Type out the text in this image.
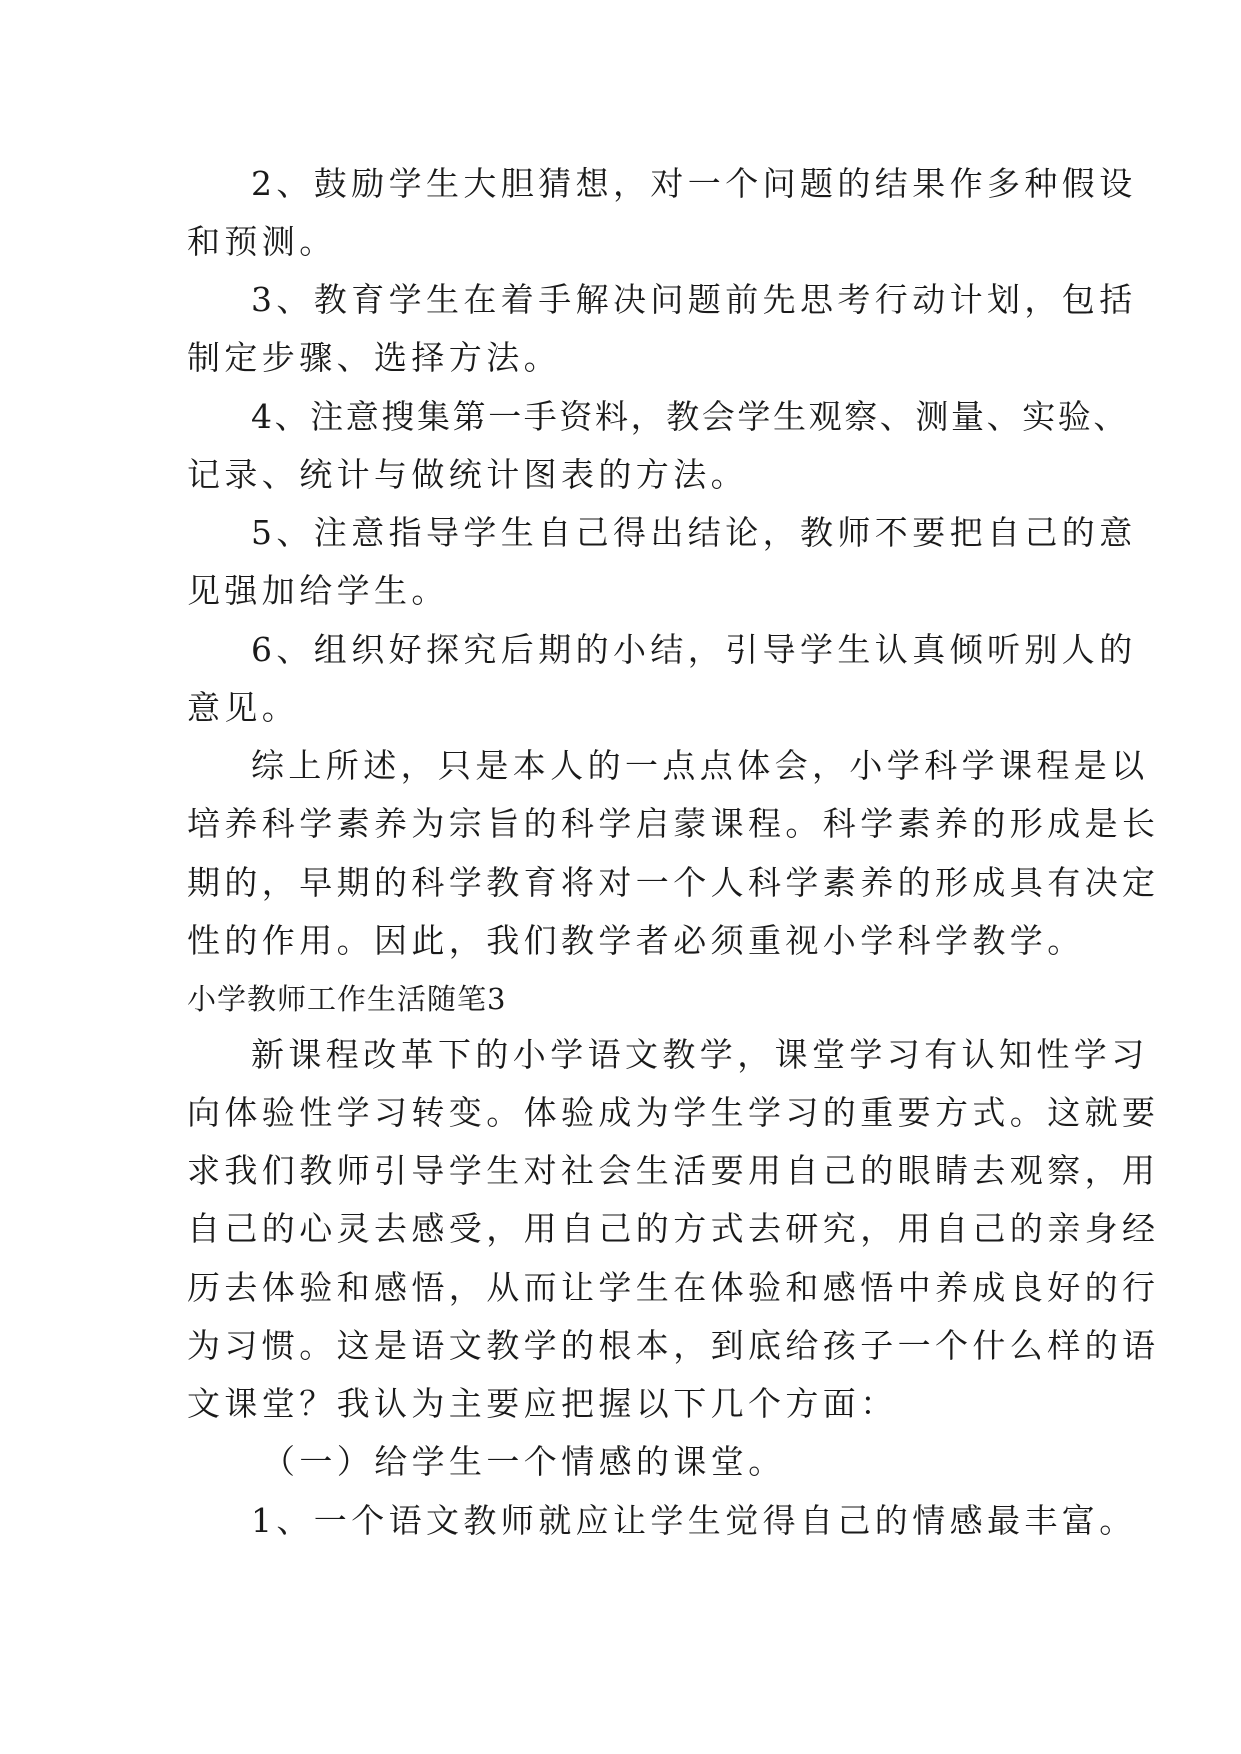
2、鼓励学生大胆猜想，对一个问题的结果作多种假设
和预测。
3、教育学生在着手解决问题前先思考行动计划，包括
制定步骤、选择方法。
4、注意搜集第一手资料，教会学生观察、测量、实验、
记录、统计与做统计图表的方法。
5、注意指导学生自己得出结论，教师不要把自己的意
见强加给学生。
6、组织好探究后期的小结，引导学生认真倾听别人的
意见。
综上所述，只是本人的一点点体会，小学科学课程是以
培养科学素养为宗旨的科学启蒙课程。科学素养的形成是长
期的，早期的科学教育将对一个人科学素养的形成具有决定
性的作用。因此，我们教学者必须重视小学科学教学。
小学教师工作生活随笔3
新课程改革下的小学语文教学，课堂学习有认知性学习
向体验性学习转变。体验成为学生学习的重要方式。这就要
求我们教师引导学生对社会生活要用自己的眼睛去观察，用
自己的心灵去感受，用自己的方式去研究，用自己的亲身经
历去体验和感悟，从而让学生在体验和感悟中养成良好的行
为习惯。这是语文教学的根本，到底给孩子一个什么样的语
文课堂？我认为主要应把握以下几个方面：
（一）给学生一个情感的课堂。
1、一个语文教师就应让学生觉得自己的情感最丰富。
